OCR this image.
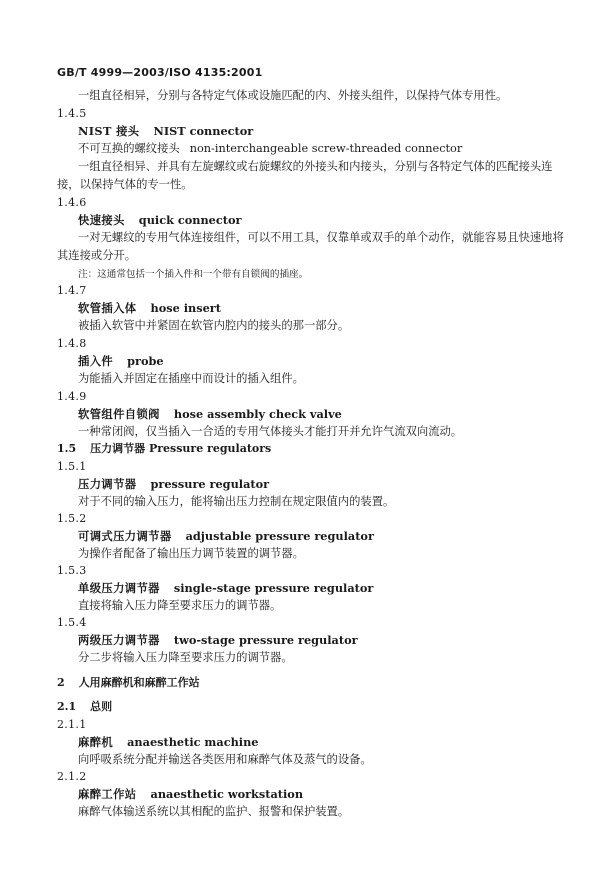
GB/T 4999—2003/ISO 4135:2001
一组直径相异，分别与各特定气体或设施匹配的内、外接头组件，以保持气体专用性。
1.4.5
NIST 接头 NIST connector
不可互换的螺纹接头 non-interchangeable screw-threaded connector
一组直径相异、并具有左旋螺纹或右旋螺纹的外接头和内接头，分别与各特定气体的匹配接头连
接，以保持气体的专一性。
1.4.6
快速接头 quick connector
一对无螺纹的专用气体连接组件，可以不用工具，仅靠单或双手的单个动作，就能容易且快速地将
其连接或分开。
注：这通常包括一个插入件和一个带有自锁阀的插座。
1.4.7
软管插入体 hose insert
被插入软管中并紧固在软管内腔内的接头的那一部分。
1.4.8
插入件 probe
为能插入并固定在插座中而设计的插入组件。
1.4.9
软管组件自锁阀 hose assembly check valve
一种常闭阀，仅当插入一合适的专用气体接头才能打开并允许气流双向流动。
1.5 压力调节器 Pressure regulators
1.5.1
压力调节器 pressure regulator
对于不同的输入压力，能将输出压力控制在规定限值内的装置。
1.5.2
可调式压力调节器 adjustable pressure regulator
为操作者配备了输出压力调节装置的调节器。
1.5.3
单级压力调节器 single-stage pressure regulator
直接将输入压力降至要求压力的调节器。
1.5.4
两级压力调节器 two-stage pressure regulator
分二步将输入压力降至要求压力的调节器。
2 人用麻醉机和麻醉工作站
2.1 总则
2.1.1
麻醉机 anaesthetic machine
向呼吸系统分配并输送各类医用和麻醉气体及蒸气的设备。
2.1.2
麻醉工作站 anaesthetic workstation
麻醉气体输送系统以其相配的监护、报警和保护装置。
